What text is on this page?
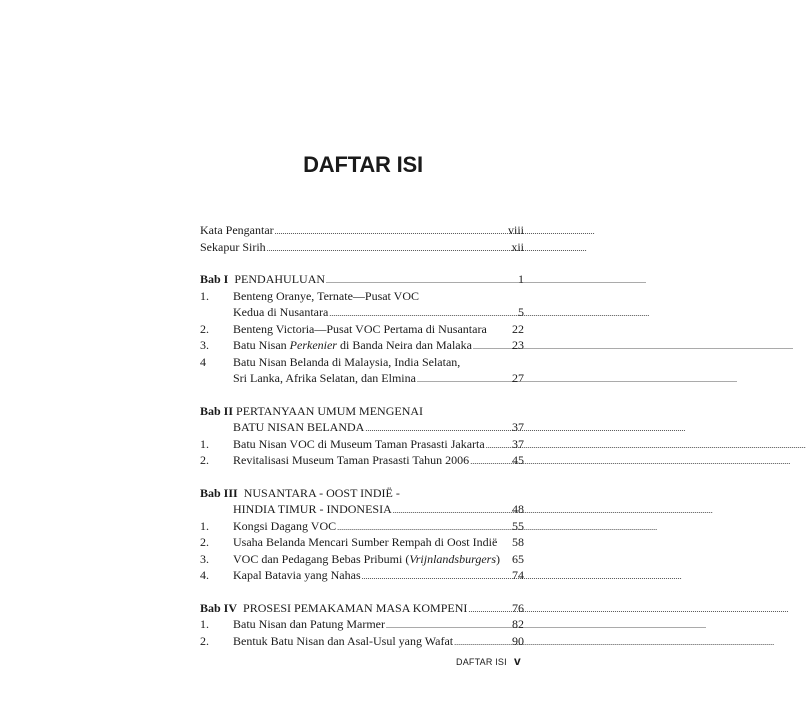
DAFTAR ISI
Kata Pengantar .....	viii
Sekapur Sirih .....	xii
Bab I PENDAHULUAN .....	1
1. Benteng Oranye, Ternate—Pusat VOC
Kedua di Nusantara .....	5
2. Benteng Victoria—Pusat VOC Pertama di Nusantara 22
3. Batu Nisan Perkenier di Banda Neira dan Malaka .....	23
4 Batu Nisan Belanda di Malaysia, India Selatan,
Sri Lanka, Afrika Selatan, dan Elmina .....	27
Bab II PERTANYAAN UMUM MENGENAI
BATU NISAN BELANDA .....	37
1. Batu Nisan VOC di Museum Taman Prasasti Jakarta ..... 37
2. Revitalisasi Museum Taman Prasasti Tahun 2006 .....	45
Bab III NUSANTARA - OOST INDIË -
HINDIA TIMUR - INDONESIA .....	48
1. Kongsi Dagang VOC .....	55
2. Usaha Belanda Mencari Sumber Rempah di Oost Indië 58
3. VOC dan Pedagang Bebas Pribumi (Vrijnlandsburgers) 65
4. Kapal Batavia yang Nahas .....	74
Bab IV PROSESI PEMAKAMAN MASA KOMPENI .....	76
1. Batu Nisan dan Patung Marmer .....	82
2. Bentuk Batu Nisan dan Asal-Usul yang Wafat .....	90
DAFTAR ISI v
